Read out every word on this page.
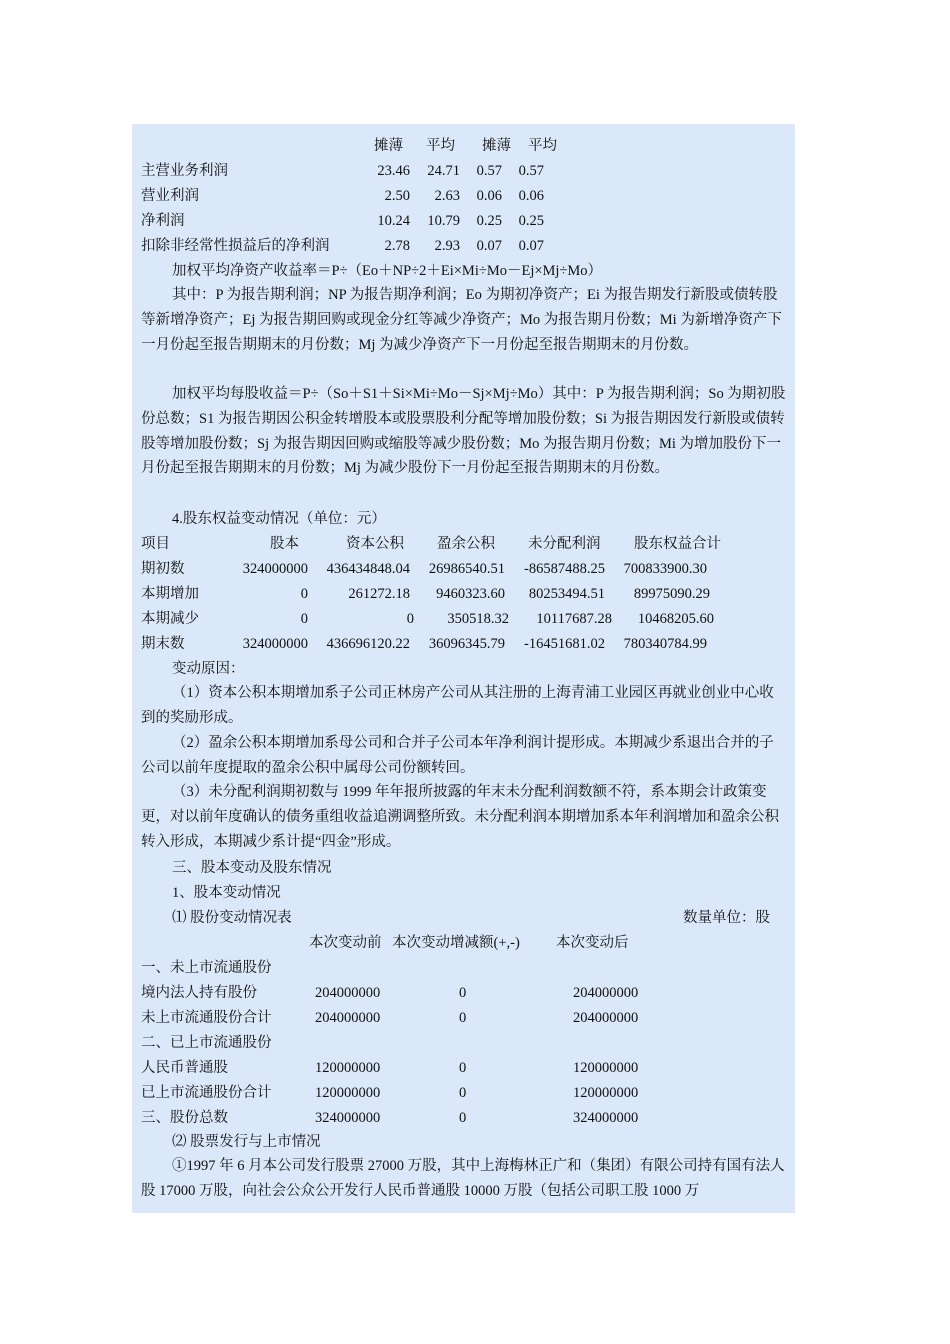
摊薄 平均 摊薄 平均
主营业务利润	23.46	24.71	0.57	0.57
营业利润	2.50	2.63	0.06	0.06
净利润	10.24	10.79	0.25	0.25
扣除非经常性损益后的净利润	2.78	2.93	0.07	0.07
加权平均净资产收益率＝P÷（Eo＋NP÷2＋Ei×Mi÷Mo－Ej×Mj÷Mo）
其中：P 为报告期利润；NP 为报告期净利润；Eo 为期初净资产；Ei 为报告期发行新股或债转股等新增净资产；Ej 为报告期回购或现金分红等减少净资产；Mo 为报告期月份数；Mi 为新增净资产下一月份起至报告期期末的月份数；Mj 为减少净资产下一月份起至报告期期末的月份数。
加权平均每股收益＝P÷（So＋S1＋Si×Mi÷Mo－Sj×Mj÷Mo）其中：P 为报告期利润；So 为期初股份总数；S1 为报告期因公积金转增股本或股票股利分配等增加股份数；Si 为报告期因发行新股或债转股等增加股份数；Sj 为报告期因回购或缩股等减少股份数；Mo 为报告期月份数；Mi 为增加股份下一月份起至报告期期末的月份数；Mj 为减少股份下一月份起至报告期期末的月份数。
4.股东权益变动情况（单位：元）
项目	股本	资本公积 盈余公积 未分配利润 股东权益合计
期初数	324000000	436434848.04	26986540.51	-86587488.25	700833900.30
本期增加	0	261272.18	9460323.60	80253494.51	89975090.29
本期减少	0	0	350518.32	10117687.28	10468205.60
期末数	324000000	436696120.22	36096345.79	-16451681.02	780340784.99
变动原因：
（1）资本公积本期增加系子公司正林房产公司从其注册的上海青浦工业园区再就业创业中心收到的奖励形成。
（2）盈余公积本期增加系母公司和合并子公司本年净利润计提形成。本期减少系退出合并的子公司以前年度提取的盈余公积中属母公司份额转回。
（3）未分配利润期初数与 1999 年年报所披露的年末未分配利润数额不符，系本期会计政策变更，对以前年度确认的债务重组收益追溯调整所致。未分配利润本期增加系本年利润增加和盈余公积转入形成，本期减少系计提“四金”形成。
三、股本变动及股东情况
1、股本变动情况
⑴ 股份变动情况表	数量单位：股
本次变动前 本次变动增减额(+,-) 本次变动后
一、未上市流通股份
境内法人持有股份	204000000	0	204000000
未上市流通股份合计	204000000	0	204000000
二、已上市流通股份
人民币普通股	120000000	0	120000000
已上市流通股份合计	120000000	0	120000000
三、股份总数	324000000	0	324000000
⑵ 股票发行与上市情况
①1997 年 6 月本公司发行股票 27000 万股，其中上海梅林正广和（集团）有限公司持有国有法人股 17000 万股，向社会公众公开发行人民币普通股 10000 万股（包括公司职工股 1000 万
